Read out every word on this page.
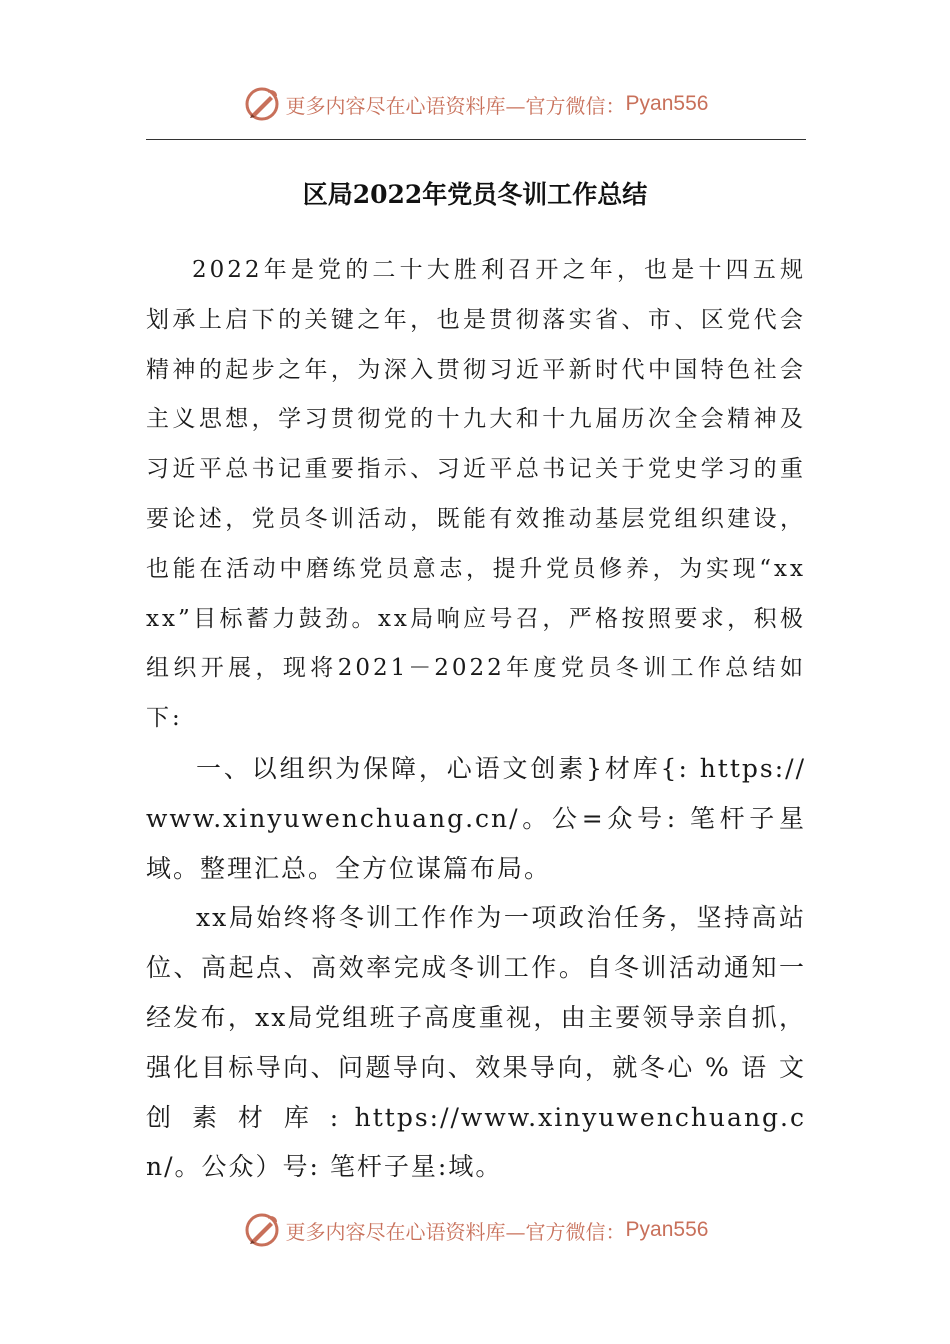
更多内容尽在心语资料库—官方微信： Pyan556
区局2022年党员冬训工作总结

2022年是党的二十大胜利召开之年，也是十四五规划承上启下的关键之年，也是贯彻落实省、市、区党代会精神的起步之年，为深入贯彻习近平新时代中国特色社会主义思想，学习贯彻党的十九大和十九届历次全会精神及习近平总书记重要指示、习近平总书记关于党史学习的重要论述，党员冬训活动，既能有效推动基层党组织建设，也能在活动中磨练党员意志，提升党员修养，为实现“xxxx”目标蓄力鼓劲。xx局响应号召，严格按照要求，积极组织开展，现将2021－2022年度党员冬训工作总结如下:

一、以组织为保障，心语文创素}材库{: https://www.xinyuwenchuang.cn/。公=众号: 笔杆子星域。整理汇总。全方位谋篇布局。

xx局始终将冬训工作作为一项政治任务，坚持高站位、高起点、高效率完成冬训工作。自冬训活动通知一经发布，xx局党组班子高度重视，由主要领导亲自抓，强化目标导向、问题导向、效果导向，就冬心 % 语 文 创 素 材 库 : https://www.xinyuwenchuang.cn/。公众）号: 笔杆子星:域。

更多内容尽在心语资料库—官方微信： Pyan556
